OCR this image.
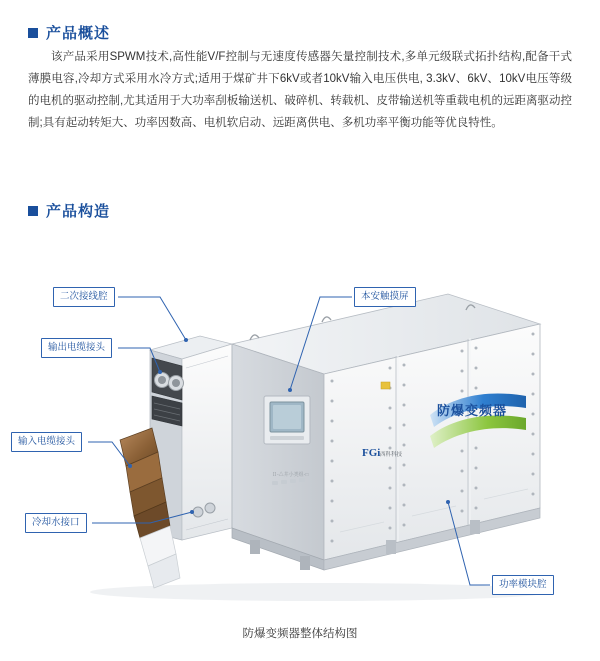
产品概述
该产品采用SPWM技术,高性能V/F控制与无速度传感器矢量控制技术,多单元级联式拓扑结构,配备干式薄膜电容,冷却方式采用水冷方式;适用于煤矿井下6kV或者10kV输入电压供电, 3.3kV、6kV、10kV电压等级的电机的驱动控制,尤其适用于大功率刮板输送机、破碎机、转载机、皮带输送机等重载电机的远距离驱动控制;具有起动转矩大、功率因数高、电机软启动、远距离供电、多机功率平衡功能等优良特性。
产品构造
Ⅱ-△井小类组-□
FGi 西科科技
防爆变频器
二次接线腔
输出电缆接头
输入电缆接头
冷却水接口
本安触摸屏
功率模块腔
防爆变频器整体结构图
